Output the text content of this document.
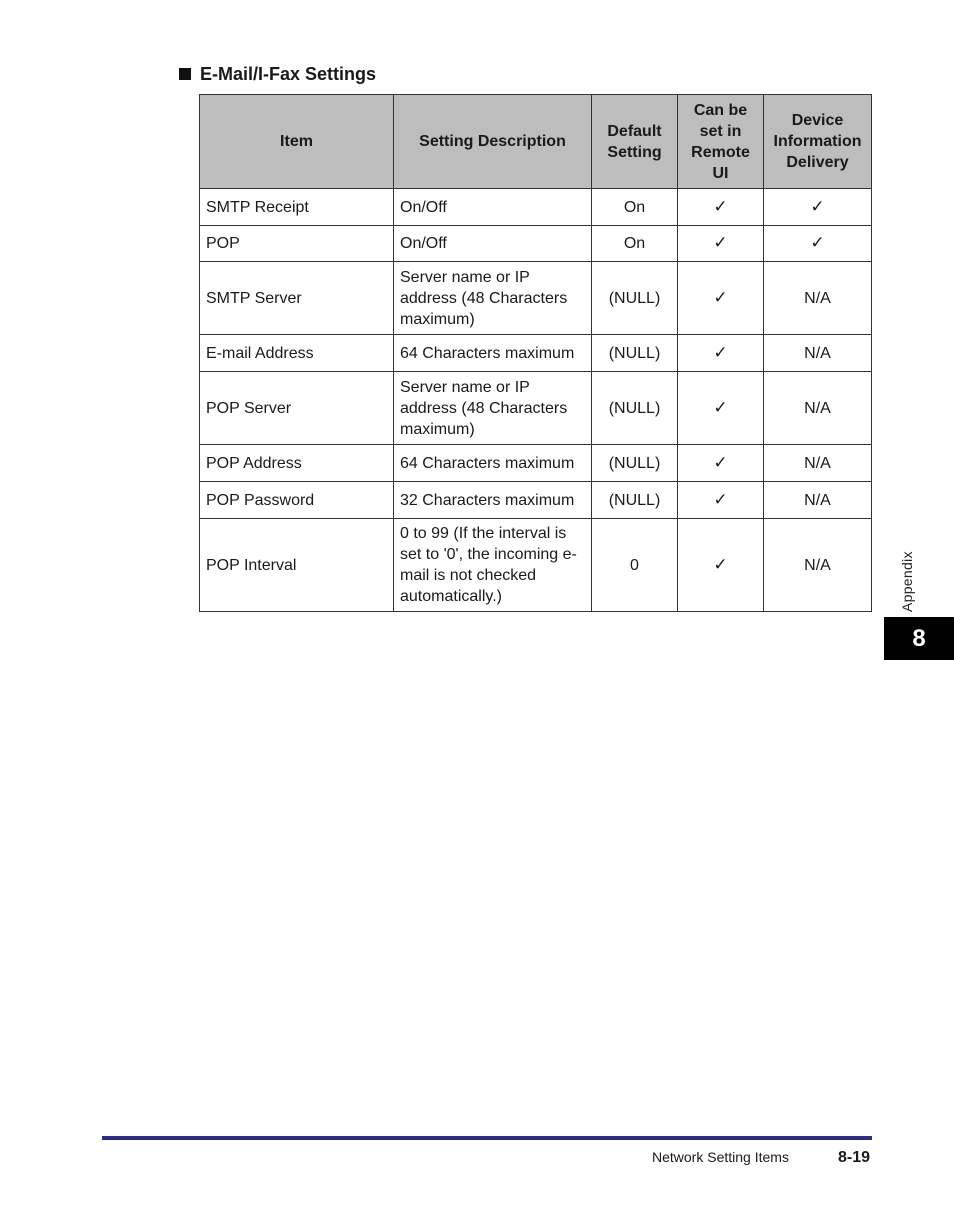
E-Mail/I-Fax Settings
Item	Setting Description	Default Setting	Can be set in Remote UI	Device Information Delivery
SMTP Receipt	On/Off	On	✓	✓
POP	On/Off	On	✓	✓
SMTP Server	Server name or IP address (48 Characters maximum)	(NULL)	✓	N/A
E-mail Address	64 Characters maximum	(NULL)	✓	N/A
POP Server	Server name or IP address (48 Characters maximum)	(NULL)	✓	N/A
POP Address	64 Characters maximum	(NULL)	✓	N/A
POP Password	32 Characters maximum	(NULL)	✓	N/A
POP Interval	0 to 99 (If the interval is set to '0', the incoming e-mail is not checked automatically.)	0	✓	N/A	Appendix
8
Network Setting Items	8-19
